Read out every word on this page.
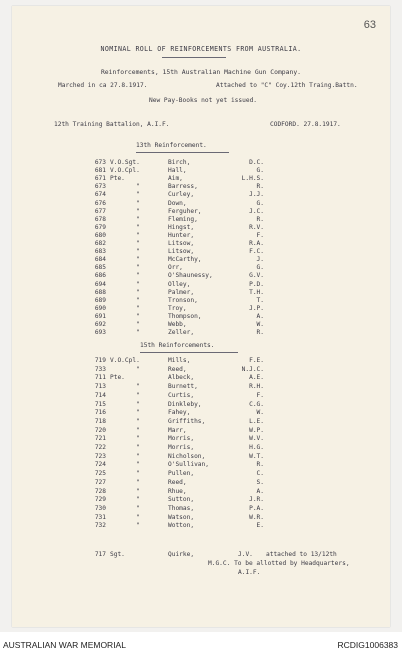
63
NOMINAL ROLL OF REINFORCEMENTS FROM AUSTRALIA.
Reinforcements, 15th Australian Machine Gun Company.
Marched in ca 27.8.1917.	Attached to "C" Coy.12th Traing.Battn.
New Pay-Books not yet issued.
12th Training Battalion, A.I.F.	CODFORD. 27.8.1917.
13th Reinforcement.
673 V.O.Sgt.	Birch,	D.C.
681 V.O.Cpl.	Hall,	G.
671 Pte.	Aim,	L.H.S.
673	"	Barress,	R.
674	"	Curley,	J.J.
676	"	Down,	G.
677	"	Ferguher,	J.C.
678	"	Fleming,	R.
679	"	Hingst,	R.V.
680	"	Hunter,	F.
682	"	Litsow,	R.A.
683	"	Litsow,	F.C.
684	"	McCarthy,	J.
685	"	Orr,	G.
686	"	O'Shaunessy,	G.V.
694	"	Olley,	P.D.
688	"	Palmer,	T.H.
689	"	Tronson,	T.
690	"	Troy,	J.P.
691	"	Thompson,	A.
692	"	Webb,	W.
693	"	Zeller,	R.
15th Reinforcements.
719 V.O.Cpl.	Mills,	F.E.
733	"	Reed,	N.J.C.
711 Pte.	Albeck,	A.E.
713	"	Burnett,	R.H.
714	"	Curtis,	F.
715	"	Dinkleby,	C.G.
716	"	Fahey,	W.
718	"	Griffiths,	L.E.
720	"	Marr,	W.P.
721	"	Morris,	W.V.
722	"	Morris,	H.G.
723	"	Nicholson,	W.T.
724	"	O'Sullivan,	R.
725	"	Pullen,	C.
727	"	Reed,	S.
728	"	Rhue,	A.
729	"	Sutton,	J.R.
730	"	Thomas,	P.A.
731	"	Watson,	W.R.
732	"	Wotton,	E.
717 Sgt.	Quirke,	J.V. attached to 13/12th
M.G.C. To be allotted by Headquarters,
A.I.F.
AUSTRALIAN WAR MEMORIAL	RCDIG1006383
